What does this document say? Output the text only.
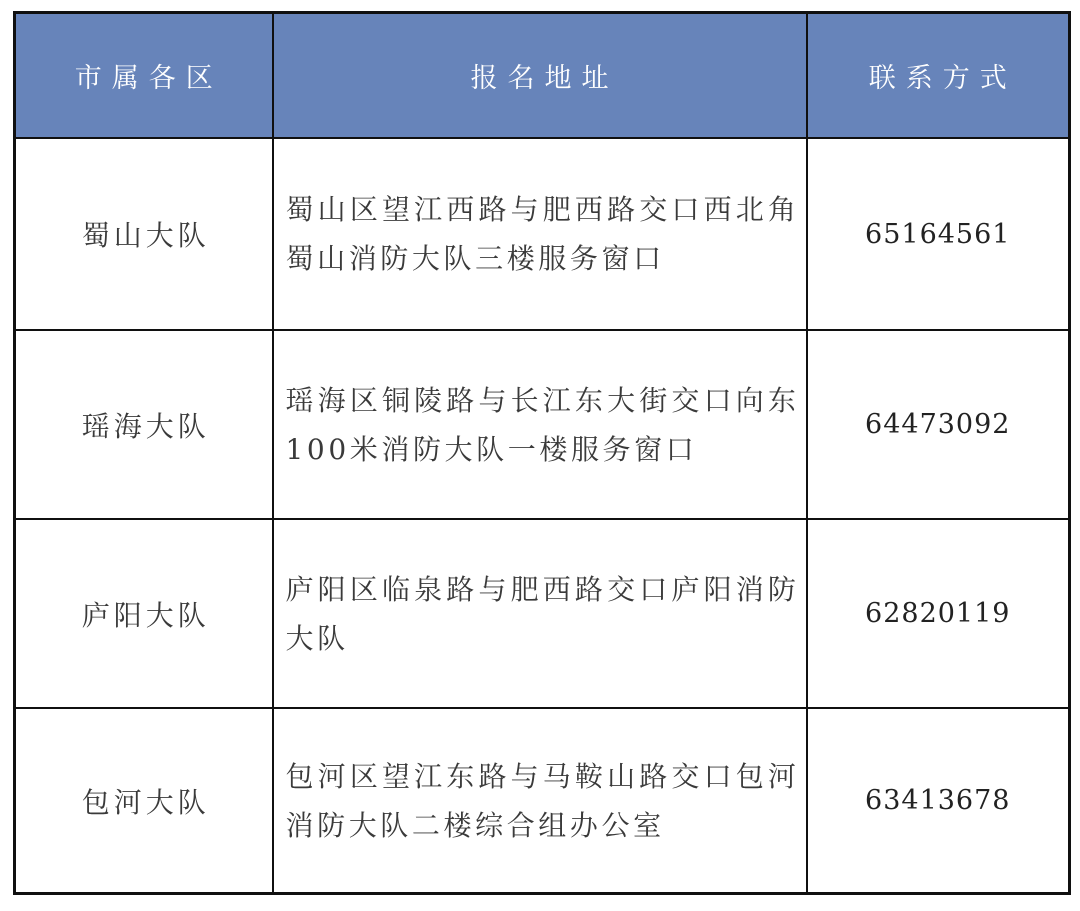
市属各区	报名地址	联系方式
蜀山大队	蜀山区望江西路与肥西路交口西北角蜀山消防大队三楼服务窗口	65164561
瑶海大队	瑶海区铜陵路与长江东大街交口向东100米消防大队一楼服务窗口	64473092
庐阳大队	庐阳区临泉路与肥西路交口庐阳消防大队	62820119
包河大队	包河区望江东路与马鞍山路交口包河消防大队二楼综合组办公室	63413678
